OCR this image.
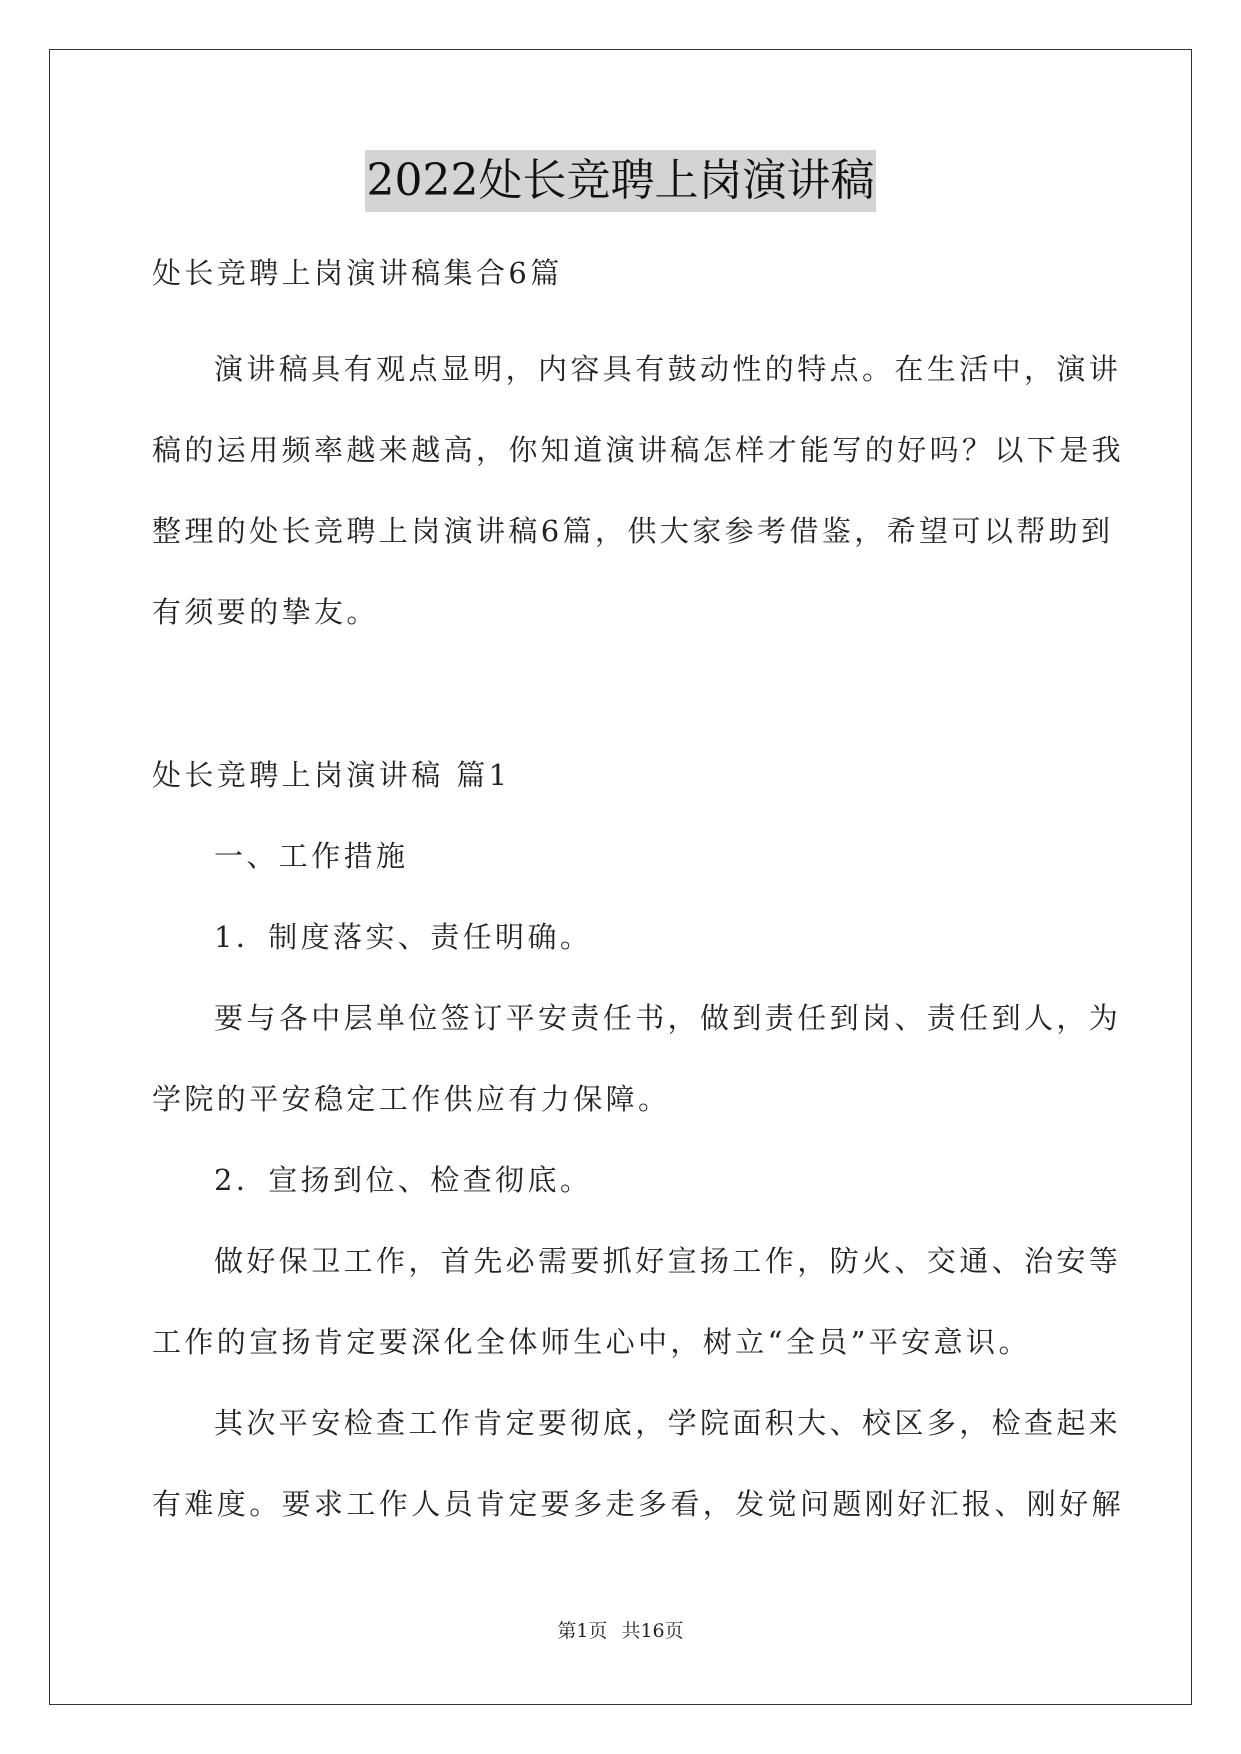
2022处长竞聘上岗演讲稿
处长竞聘上岗演讲稿集合6篇
演讲稿具有观点显明，内容具有鼓动性的特点。在生活中，演讲
稿的运用频率越来越高，你知道演讲稿怎样才能写的好吗？以下是我
整理的处长竞聘上岗演讲稿6篇，供大家参考借鉴，希望可以帮助到
有须要的挚友。
处长竞聘上岗演讲稿 篇1
一、工作措施
1．制度落实、责任明确。
要与各中层单位签订平安责任书，做到责任到岗、责任到人，为
学院的平安稳定工作供应有力保障。
2．宣扬到位、检查彻底。
做好保卫工作，首先必需要抓好宣扬工作，防火、交通、治安等
工作的宣扬肯定要深化全体师生心中，树立“全员”平安意识。
其次平安检查工作肯定要彻底，学院面积大、校区多，检查起来
有难度。要求工作人员肯定要多走多看，发觉问题刚好汇报、刚好解
第1页 共16页
